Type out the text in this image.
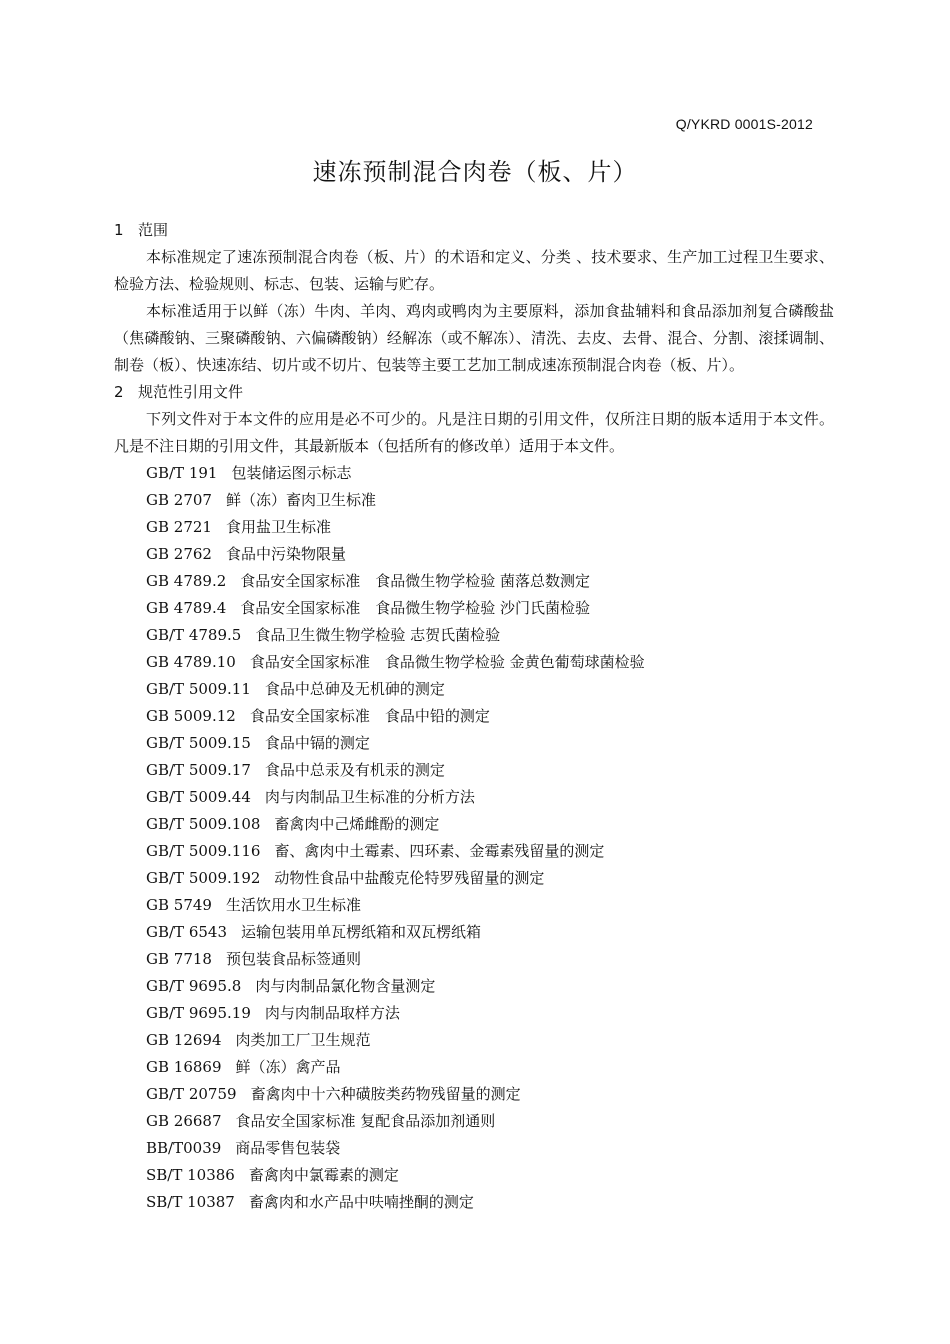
Q/YKRD 0001S-2012
速冻预制混合肉卷（板、片）

1 范围

本标准规定了速冻预制混合肉卷（板、片）的术语和定义、分类 、技术要求、生产加工过程卫生要求、检验方法、检验规则、标志、包装、运输与贮存。

本标准适用于以鲜（冻）牛肉、羊肉、鸡肉或鸭肉为主要原料，添加食盐辅料和食品添加剂复合磷酸盐（焦磷酸钠、三聚磷酸钠、六偏磷酸钠）经解冻（或不解冻）、清洗、去皮、去骨、混合、分割、滚揉调制、制卷（板）、快速冻结、切片或不切片、包装等主要工艺加工制成速冻预制混合肉卷（板、片）。

2 规范性引用文件

下列文件对于本文件的应用是必不可少的。凡是注日期的引用文件，仅所注日期的版本适用于本文件。凡是不注日期的引用文件，其最新版本（包括所有的修改单）适用于本文件。

GB/T 191 包装储运图示标志
GB 2707 鲜（冻）畜肉卫生标准
GB 2721 食用盐卫生标准
GB 2762 食品中污染物限量
GB 4789.2 食品安全国家标准　食品微生物学检验 菌落总数测定
GB 4789.4 食品安全国家标准　食品微生物学检验 沙门氏菌检验
GB/T 4789.5 食品卫生微生物学检验 志贺氏菌检验
GB 4789.10 食品安全国家标准　食品微生物学检验 金黄色葡萄球菌检验
GB/T 5009.11 食品中总砷及无机砷的测定
GB 5009.12 食品安全国家标准　食品中铅的测定
GB/T 5009.15 食品中镉的测定
GB/T 5009.17 食品中总汞及有机汞的测定
GB/T 5009.44 肉与肉制品卫生标准的分析方法
GB/T 5009.108 畜禽肉中己烯雌酚的测定
GB/T 5009.116 畜、禽肉中土霉素、四环素、金霉素残留量的测定
GB/T 5009.192 动物性食品中盐酸克伦特罗残留量的测定
GB 5749 生活饮用水卫生标准
GB/T 6543 运输包装用单瓦楞纸箱和双瓦楞纸箱
GB 7718 预包装食品标签通则
GB/T 9695.8 肉与肉制品氯化物含量测定
GB/T 9695.19 肉与肉制品取样方法
GB 12694 肉类加工厂卫生规范
GB 16869 鲜（冻）禽产品
GB/T 20759 畜禽肉中十六种磺胺类药物残留量的测定
GB 26687 食品安全国家标准 复配食品添加剂通则
BB/T0039 商品零售包装袋
SB/T 10386 畜禽肉中氯霉素的测定
SB/T 10387 畜禽肉和水产品中呋喃挫酮的测定
